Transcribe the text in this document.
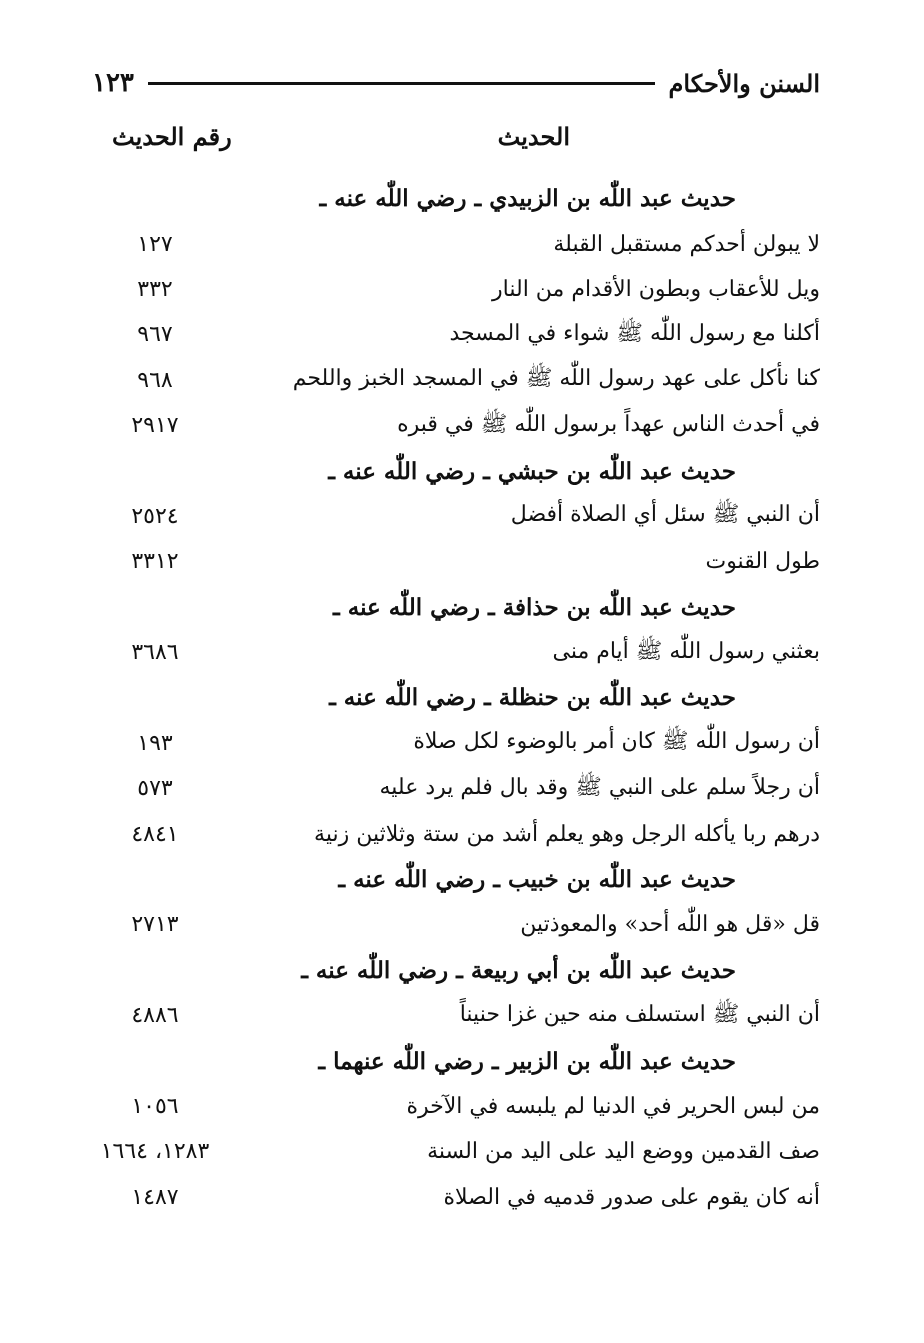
السنن والأحكام
١٢٣
الحديث
رقم الحديث
حديث عبد اللّٰه بن الزبيدي ـ رضي اللّٰه عنه ـ
لا يبولن أحدكم مستقبل القبلة
١٢٧
ويل للأعقاب وبطون الأقدام من النار
٣٣٢
أكلنا مع رسول اللّٰه ﷺ شواء في المسجد
٩٦٧
كنا نأكل على عهد رسول اللّٰه ﷺ في المسجد الخبز واللحم
٩٦٨
في أحدث الناس عهداً برسول اللّٰه ﷺ في قبره
٢٩١٧
حديث عبد اللّٰه بن حبشي ـ رضي اللّٰه عنه ـ
أن النبي ﷺ سئل أي الصلاة أفضل
٢٥٢٤
طول القنوت
٣٣١٢
حديث عبد اللّٰه بن حذافة ـ رضي اللّٰه عنه ـ
بعثني رسول اللّٰه ﷺ أيام منى
٣٦٨٦
حديث عبد اللّٰه بن حنظلة ـ رضي اللّٰه عنه ـ
أن رسول اللّٰه ﷺ كان أمر بالوضوء لكل صلاة
١٩٣
أن رجلاً سلم على النبي ﷺ وقد بال فلم يرد عليه
٥٧٣
درهم ربا يأكله الرجل وهو يعلم أشد من ستة وثلاثين زنية
٤٨٤١
حديث عبد اللّٰه بن خبيب ـ رضي اللّٰه عنه ـ
قل «قل هو اللّٰه أحد» والمعوذتين
٢٧١٣
حديث عبد اللّٰه بن أبي ربيعة ـ رضي اللّٰه عنه ـ
أن النبي ﷺ استسلف منه حين غزا حنيناً
٤٨٨٦
حديث عبد اللّٰه بن الزبير ـ رضي اللّٰه عنهما ـ
من لبس الحرير في الدنيا لم يلبسه في الآخرة
١٠٥٦
صف القدمين ووضع اليد على اليد من السنة
١٢٨٣، ١٦٦٤
أنه كان يقوم على صدور قدميه في الصلاة
١٤٨٧
